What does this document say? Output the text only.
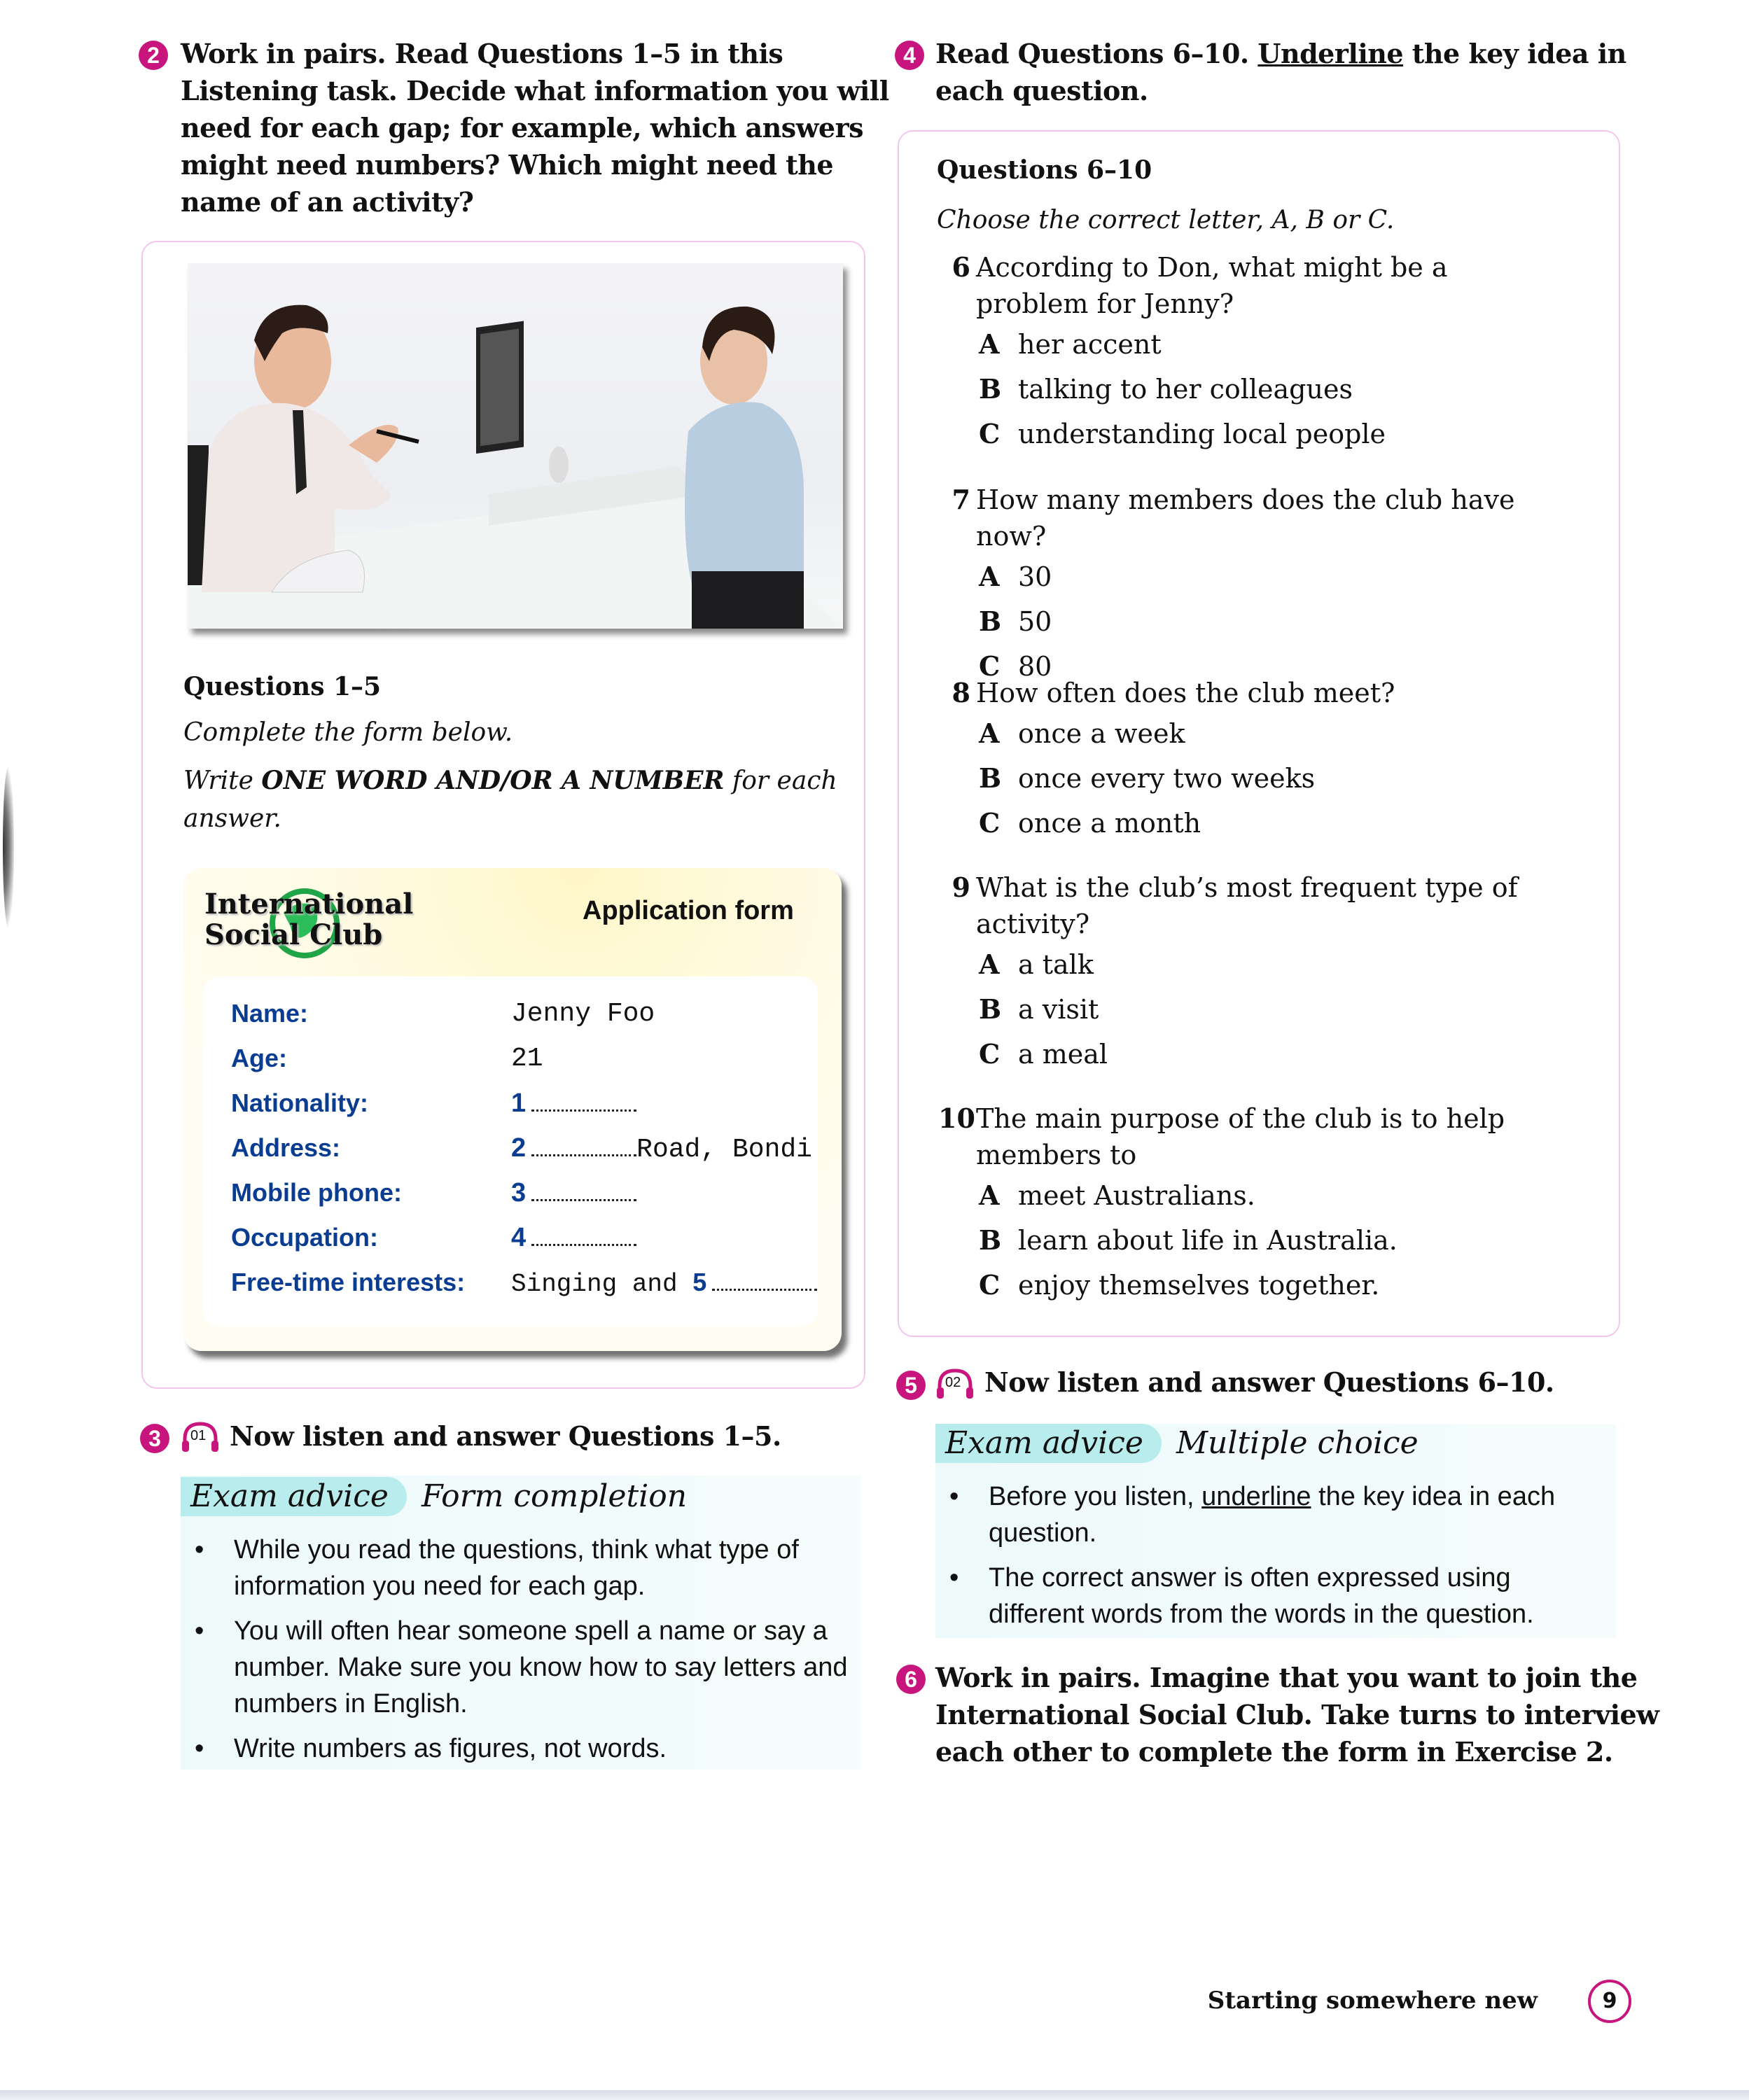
2 Work in pairs. Read Questions 1–5 in this
Listening task. Decide what information you will
need for each gap; for example, which answers
might need numbers? Which might need the
name of an activity?
Questions 1–5
Complete the form below.
Write ONE WORD AND/OR A NUMBER for each
answer.
International
Social Club
Application form
Name:	Jenny Foo
Age:	21
Nationality:	1
Address:	2	Road, Bondi
Mobile phone:	3
Occupation:	4
Free-time interests: Singing and 5
3	01 Now listen and answer Questions 1–5.
Exam advice	Form completion
• While you read the questions, think what type of information you need for each gap.
• You will often hear someone spell a name or say a number. Make sure you know how to say letters and numbers in English.
• Write numbers as figures, not words.
4 Read Questions 6–10. Underline the key idea in
each question.
Questions 6–10
Choose the correct letter, A, B or C.
6 According to Don, what might be a problem for Jenny?
A her accent
B talking to her colleagues
C understanding local people
7 How many members does the club have now?
A 30
B 50
C 80
8 How often does the club meet?
A once a week
B once every two weeks
C once a month
9 What is the club’s most frequent type of activity?
A a talk
B a visit
C a meal
10 The main purpose of the club is to help members to
A meet Australians.
B learn about life in Australia.
C enjoy themselves together.
5	02 Now listen and answer Questions 6–10.
Exam advice	Multiple choice
• Before you listen, underline the key idea in each question.
• The correct answer is often expressed using different words from the words in the question.
6 Work in pairs. Imagine that you want to join the
International Social Club. Take turns to interview
each other to complete the form in Exercise 2.
Starting somewhere new	9
